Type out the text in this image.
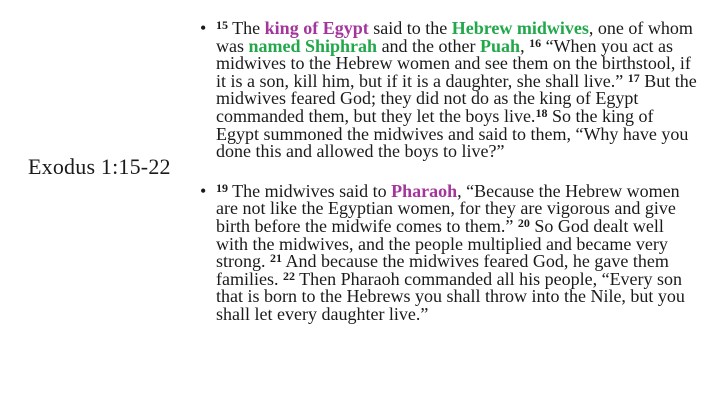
Exodus 1:15-22
• $^{15}$ The king of Egypt said to the Hebrew midwives, one of whom was named Shiphrah and the other Puah, $^{16}$ “When you act as midwives to the Hebrew women and see them on the birthstool, if it is a son, kill him, but if it is a daughter, she shall live.” $^{17}$ But the midwives feared God; they did not do as the king of Egypt commanded them, but they let the boys live.$^{18}$ So the king of Egypt summoned the midwives and said to them, “Why have you done this and allowed the boys to live?”
• $^{19}$ The midwives said to Pharaoh, “Because the Hebrew women are not like the Egyptian women, for they are vigorous and give birth before the midwife comes to them.” $^{20}$ So God dealt well with the midwives, and the people multiplied and became very strong. $^{21}$ And because the midwives feared God, he gave them families. $^{22}$ Then Pharaoh commanded all his people, “Every son that is born to the Hebrews you shall throw into the Nile, but you shall let every daughter live.”
